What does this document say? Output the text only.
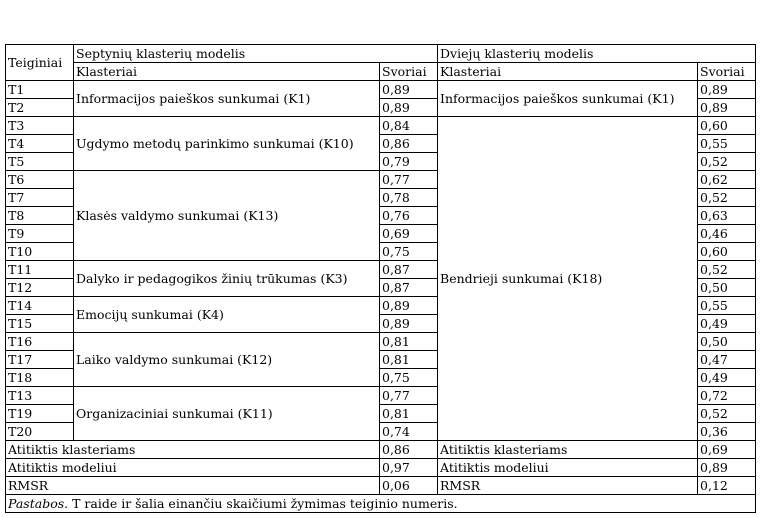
Teiginiai	Septynių klasterių modelis		Dviejų klasterių modelis	
	Klasteriai	Svoriai	Klasteriai	Svoriai
T1	Informacijos paieškos sunkumai (K1)	0,89	Informacijos paieškos sunkumai (K1)	0,89
T2		0,89		0,89
T3	Ugdymo metodų parinkimo sunkumai (K10)	0,84	Bendrieji sunkumai (K18)	0,60
T4		0,86		0,55
T5		0,79		0,52
T6	Klasės valdymo sunkumai (K13)	0,77		0,62
T7		0,78		0,52
T8		0,76		0,63
T9		0,69		0,46
T10		0,75		0,60
T11	Dalyko ir pedagogikos žinių trūkumas (K3)	0,87		0,52
T12		0,87		0,50
T14	Emocijų sunkumai (K4)	0,89		0,55
T15		0,89		0,49
T16	Laiko valdymo sunkumai (K12)	0,81		0,50
T17		0,81		0,47
T18		0,75		0,49
T13	Organizaciniai sunkumai (K11)	0,77		0,72
T19		0,81		0,52
T20		0,74		0,36
Atitiktis klasteriams		0,86	Atitiktis klasteriams	0,69
Atitiktis modeliui		0,97	Atitiktis modeliui	0,89
RMSR		0,06	RMSR	0,12
Pastabos. T raide ir šalia einančiu skaičiumi žymimas teiginio numeris.				
